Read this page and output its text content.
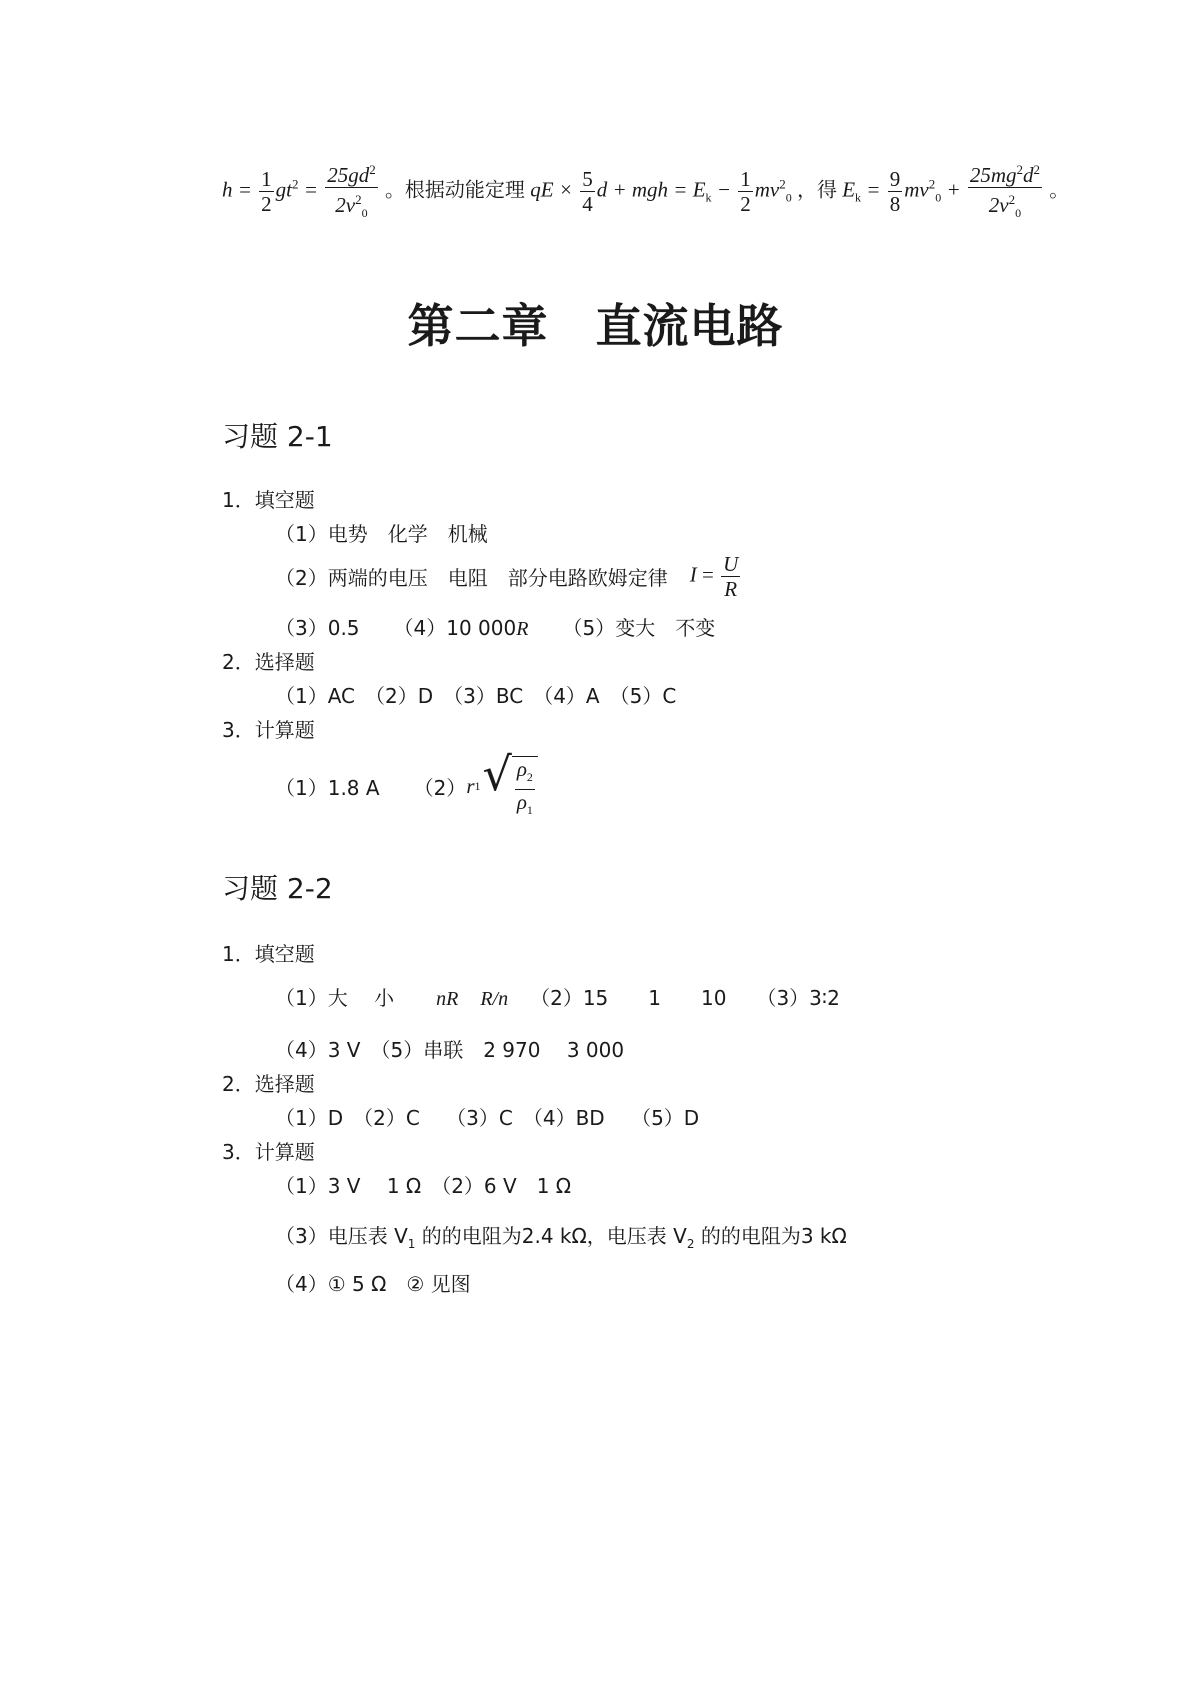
$h = \frac{1}{2} gt^2 = \frac{25gd^2}{2v^2_0}$ 。根据动能定理 qE × $\frac{5}{4}$ d + mgh = $E_k - \frac{1}{2} mv^2_0$ ，得 $E_k = \frac{9}{8} mv^2_0 + \frac{25mg^2d^2}{2v^2_0}$ 。
第二章　直流电路
习题 2-1
1．填空题
（1）电势　化学　机械
（2）两端的电压　电阻　部分电路欧姆定律 $I = \frac{U}{R}$
（3）0.5 （4）10 000R （5）变大　不变
2．选择题
（1）AC　（2）D　（3）BC　（4）A　（5）C
3．计算题
（1）1.8 A （2） r 1 √ $\frac{\rho_2}{\rho_1}$
习题 2-2
1．填空题
（1）大　 小　nR R/n （2）15　　1　　10　　（3）3∶2
（4）3 V　（5）串联　2 970　 3 000
2．选择题
（1）D　（2）C　 （3）C　（4）BD　 （5）D
3．计算题
（1）3 V　 1 Ω　（2）6 V　1 Ω
（3）电压表 $V_1$ 的的电阻为2.4 kΩ，电压表 $V_2$ 的的电阻为3 kΩ
（4）① 5 Ω　② 见图
